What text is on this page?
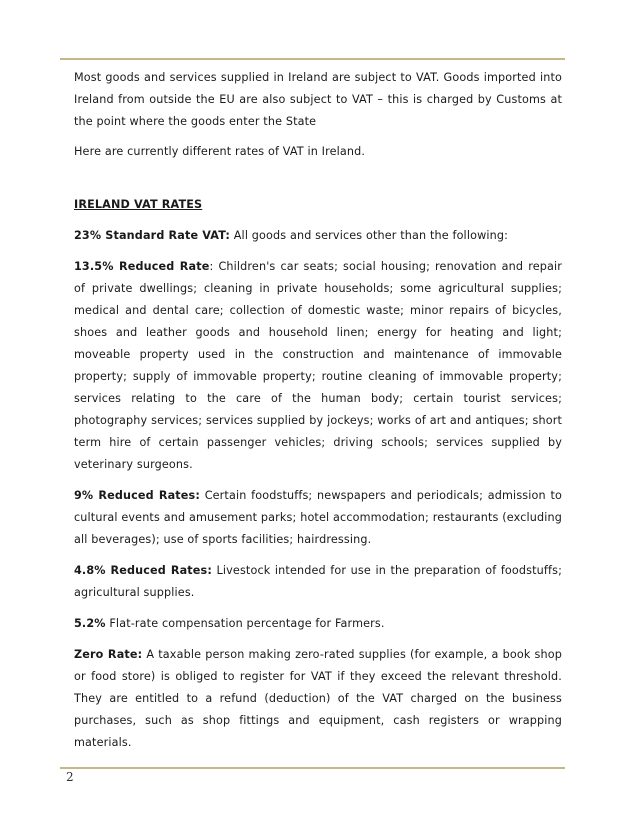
Most goods and services supplied in Ireland are subject to VAT. Goods imported into Ireland from outside the EU are also subject to VAT – this is charged by Customs at the point where the goods enter the State

Here are currently different rates of VAT in Ireland.

IRELAND VAT RATES

23% Standard Rate VAT: All goods and services other than the following:

13.5% Reduced Rate: Children's car seats; social housing; renovation and repair of private dwellings; cleaning in private households; some agricultural supplies; medical and dental care; collection of domestic waste; minor repairs of bicycles, shoes and leather goods and household linen; energy for heating and light; moveable property used in the construction and maintenance of immovable property; supply of immovable property; routine cleaning of immovable property; services relating to the care of the human body; certain tourist services; photography services; services supplied by jockeys; works of art and antiques; short term hire of certain passenger vehicles; driving schools; services supplied by veterinary surgeons.

9% Reduced Rates: Certain foodstuffs; newspapers and periodicals; admission to cultural events and amusement parks; hotel accommodation; restaurants (excluding all beverages); use of sports facilities; hairdressing.

4.8% Reduced Rates: Livestock intended for use in the preparation of foodstuffs; agricultural supplies.

5.2% Flat-rate compensation percentage for Farmers.

Zero Rate: A taxable person making zero-rated supplies (for example, a book shop or food store) is obliged to register for VAT if they exceed the relevant threshold. They are entitled to a refund (deduction) of the VAT charged on the business purchases, such as shop fittings and equipment, cash registers or wrapping materials.

2
